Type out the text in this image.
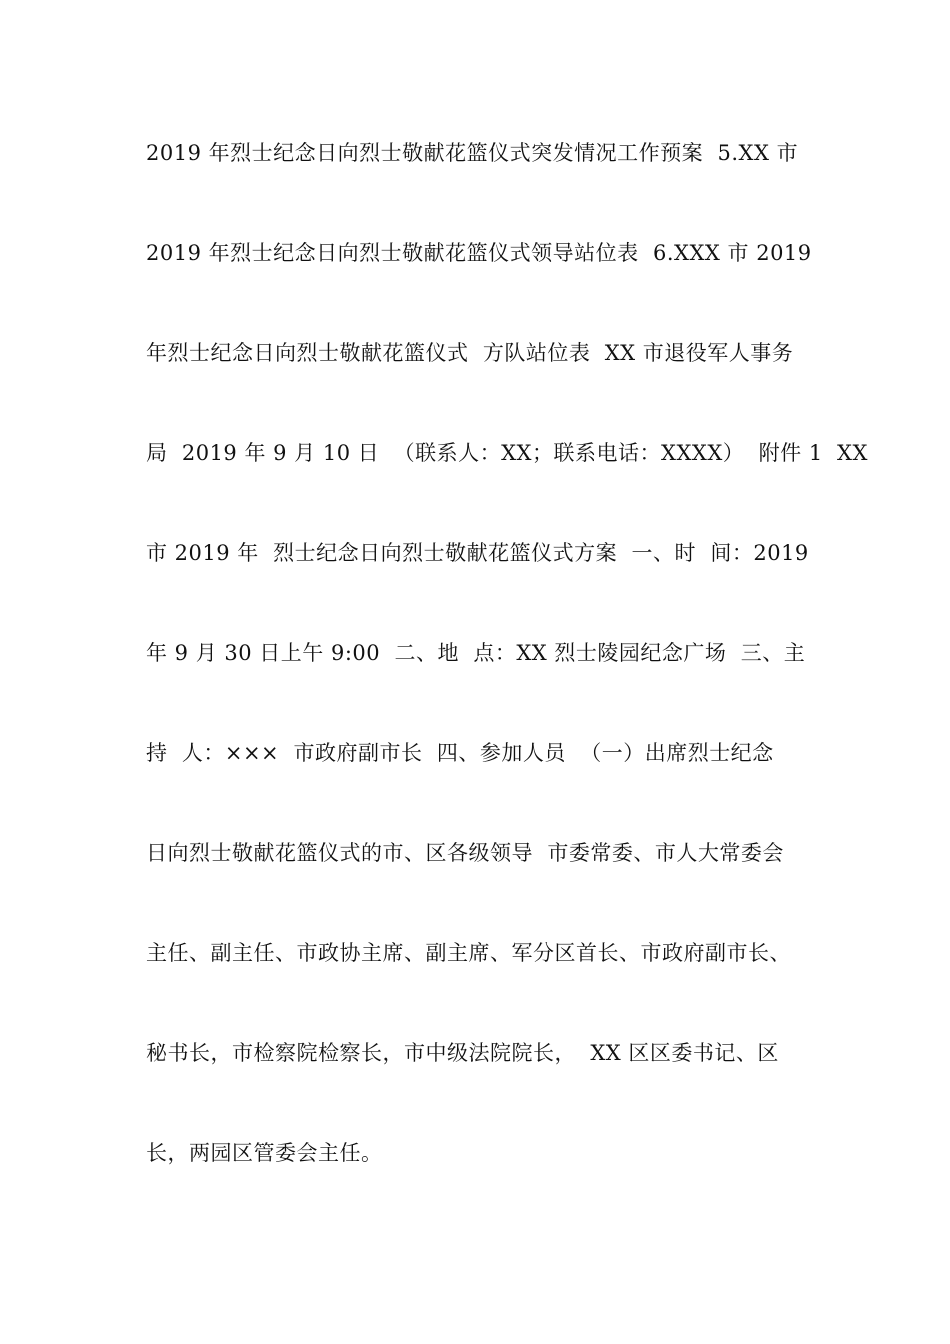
2019 年烈士纪念日向烈士敬献花篮仪式突发情况工作预案  5.XX 市
2019 年烈士纪念日向烈士敬献花篮仪式领导站位表  6.XXX 市 2019
年烈士纪念日向烈士敬献花篮仪式  方队站位表  XX 市退役军人事务
局  2019 年 9 月 10 日  （联系人：XX；联系电话：XXXX）  附件 1  XX
市 2019 年  烈士纪念日向烈士敬献花篮仪式方案  一、时  间：2019
年 9 月 30 日上午 9:00  二、地  点：XX 烈士陵园纪念广场  三、主
持  人：×××  市政府副市长  四、参加人员  （一）出席烈士纪念
日向烈士敬献花篮仪式的市、区各级领导  市委常委、市人大常委会
主任、副主任、市政协主席、副主席、军分区首长、市政府副市长、
秘书长，市检察院检察长，市中级法院院长，  XX 区区委书记、区
长，两园区管委会主任。
